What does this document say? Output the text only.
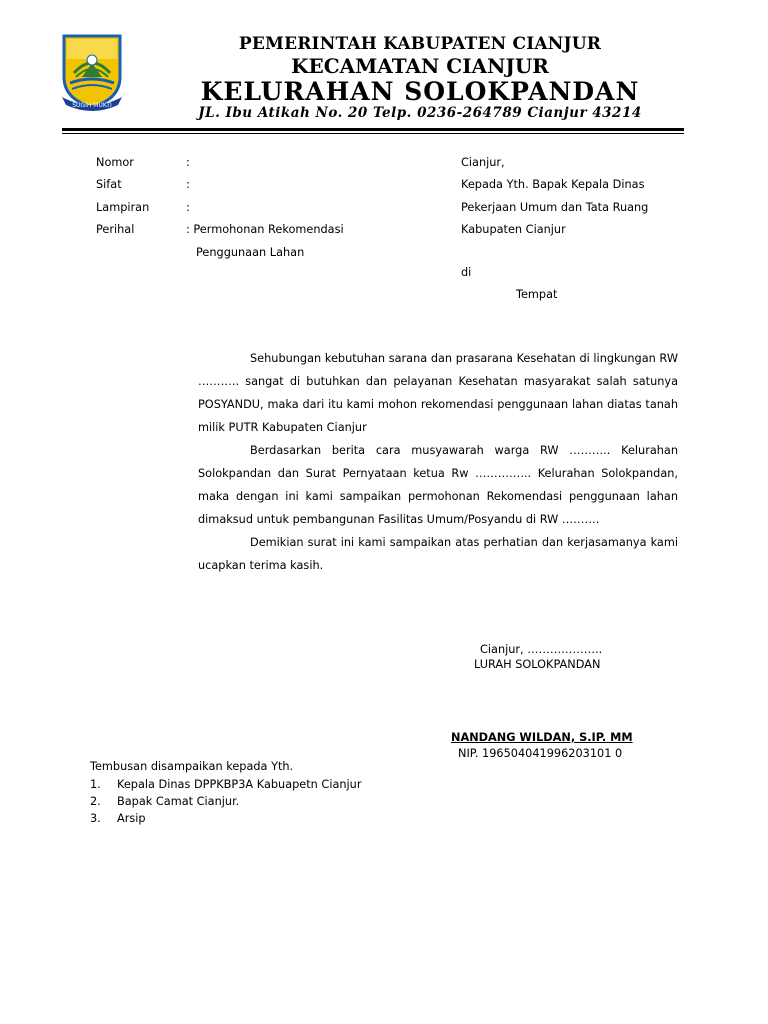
SUGIH MUKTI
PEMERINTAH KABUPATEN CIANJUR
KECAMATAN CIANJUR
KELURAHAN SOLOKPANDAN
JL. Ibu Atikah No. 20 Telp. 0236-264789 Cianjur 43214
Nomor	:
Sifat	:
Lampiran	:
Perihal	: Permohonan Rekomendasi
Penggunaan Lahan
Cianjur,
Kepada Yth. Bapak Kepala Dinas
Pekerjaan Umum dan Tata Ruang
Kabupaten Cianjur
di
Tempat

Sehubungan kebutuhan sarana dan prasarana Kesehatan di lingkungan RW ……….. sangat di butuhkan dan pelayanan Kesehatan masyarakat salah satunya POSYANDU, maka dari itu kami mohon rekomendasi penggunaan lahan diatas tanah milik PUTR Kabupaten Cianjur

Berdasarkan berita cara musyawarah warga RW ……….. Kelurahan Solokpandan dan Surat Pernyataan ketua Rw …………... Kelurahan Solokpandan, maka dengan ini kami sampaikan permohonan Rekomendasi penggunaan lahan dimaksud untuk pembangunan Fasilitas Umum/Posyandu di RW ……….

Demikian surat ini kami sampaikan atas perhatian dan kerjasamanya kami ucapkan terima kasih.

Cianjur, ………………..
LURAH SOLOKPANDAN
NANDANG WILDAN, S.IP. MM
NIP. 196504041996203101 0
Tembusan disampaikan kepada Yth.
1. Kepala Dinas DPPKBP3A Kabuapetn Cianjur
2. Bapak Camat Cianjur.
3. Arsip
